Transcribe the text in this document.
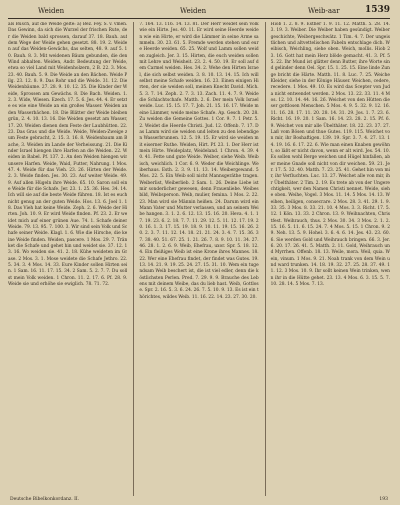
Weiden	Weiden	Weib-aar	1539
als Busch, auf die Weide gelte: a) Bez. Fey. S. v. vmen. Das Gewinn, da sich die Wurzel der frischen Rute, der die Weiden bald sprossen, darauf 37. 18. Bauh. auf dem Wege der Weide gehen gesetzt. 88. 19. 2. Weiden auf das Weiden-Gewächs, das selten, 48. 9. auf 5. 10. Bauh. 8. 3. Mit weidenen Bäum gebunden, die den Wind abhalten. Weiden, Andr. Bedeutung der Weide, etwa so viel Land mit Weidenholzern, 2 B. 22. 3. Mos. 23. 40. Bauh. 5. 9. Die Weide an den Bächen. Weide Pilg. 23. 12. 8. 9. Das Rohr und die Weide. 31. 12. Die Weidenbäume. 27. 28. 9. 10. 12. 35. Die Kinder der Weide, Sprossen am Gewächs. 8. Die Bach. Weiden. 1. 2. 3. Wide, Wiesen. Ezech. 17. 5. 6. Jes. 44. 4. Er setzte es wie eine Weide an ein großes Wasser. Weiden an den Wasserbächen. 18. Die Blätter der Weide bleiben grün, 2. 4. 10. 13. 16. Die Weiden gesetzt am Wasser, 17. 20. Weiden dienen dem Feste der Laubhütten. 22. 23. Das Gras und die Weide. Weide, Weiden-Zweige zum Feste gebracht, 2. 15. 3. 16. 8. Weidenbaum am Bache, 3. Weiden im Lande der Verheissung. 21. Die Kinder Israel hiengen ihre Harfen an die Weiden. 22. Weiden in Babel. Pf. 137. 2. An den Weiden hiengen wir unsere Harfen. Weide, Waid, Futter, Nahrung. 1 Mos. 47. 4. Weide für das Vieh. 23. 26. Hirten der Weide. 2. 3. Weide finden. Jes. 30. 23. Auf weiter Weide. 49. 9. Auf allen Hügeln ihre Weide. 65. 10. Saron soll eine Weide für die Schafe. Jer. 23. 1. 25. 36. Hes. 34. 14. Ich will sie auf die beste Weide führen. 18. Ist es euch nicht genug an der guten Weide. Hos. 13. 6. Joel 1. 18. Das Vieh hat keine Weide. Zeph. 2. 6. Weide der Hirten. Joh. 10. 9. Er wird Weide finden. Pf. 23. 2. Er weidet mich auf einer grünen Aue. 74. 1. Schafe deiner Weide. 79. 13. 95. 7. 100. 3. Wir sind sein Volk und Schafe seiner Weide. Klagl. 1. 6. Wie die Hirsche, die keine Weide finden. Weiden, pascere. 1 Mos. 29. 7. Tränket die Schafe und gehet hin und weidet sie. 37. 12. 13. 16. Wo weiden sie. 41. 2. 18. Kühe weideten im Grase. 2 Mos. 3. 1. Mose weidete die Schafe Jethro. 22. 5. 34. 3. 4 Mos. 14. 33. Eure Kinder sollen Hirten sein. 1 Sam. 16. 11. 17. 15. 34. 2 Sam. 5. 2. 7. 7. Du sollst mein Volk weiden. 1 Chron. 11. 2. 17. 6. Pf. 28. 9. Weide sie und erhöhe sie ewiglich. 78. 71. 72.
7. 164. 13. 116. 14. 13. 81. Der Herr weidet sein Volk wie ein Hirte. Jes. 40. 11. Er wird seine Heerde weiden wie ein Hirte, er wird die Lämmer in seine Arme sammeln. 30. 23. 61. 5. Fremde werden stehen und eure Heerde weiden. 65. 25. Wolf und Lamm sollen weiden zugleich. Jer. 3. 15. Hirten, die euch weiden sollen mit Lehre und Weisheit. 23. 2. 4. 50. 19. Er soll auf dem Carmel weiden. Hes. 34. 2. Wehe den Hirten Israel, die sich selbst weiden. 3. 8. 10. 13. 14. 15. Ich will selbst meine Schafe weiden. 16. 23. Einen einigen Hirten, der sie weiden soll, meinen Knecht David. Mich. 5. 3. 7. 14. Zeph. 2. 7. 3. 13. Zach. 11. 4. 7. 9. Weide die Schlachtschafe. Matth. 2. 6. Der mein Volk Israel weide. Luc. 15. 15. 17. 7. Joh. 21. 15. 16. 17. Weide meine Lämmer, weide meine Schafe. Ap. Gesch. 20. 28. Zu weiden die Gemeine Gottes. 1 Cor. 9. 7. 1 Petr. 5. 2. Weidet die Heerde Christi. Jud. 12. Offenb. 7. 17. Das Lamm wird sie weiden und leiten zu den lebendigen Wasserbrunnen. 12. 5. 19. 15. Er wird sie weiden mit eiserner Ruthe. Weiden, Hirt. Pf. 23. 1. Der Herr ist mein Hirte. Weideplatz, Weideland. 1 Chron. 4. 39. 40. 41. Fette und gute Weide. Weiber, siehe Weib. Weibisch, weichlich. 1 Cor. 6. 9. Weder die Weichlinge. Weiberhaus. Esth. 2. 3. 9. 11. 13. 14. Weibergewand. 5 Mos. 22. 5. Ein Weib soll nicht Mannsgeräthe tragen. Weiberlist, Weiberlieb. 2 Sam. 1. 26. Deine Liebe ist mir sonderlicher gewesen, denn Frauenliebe. Weibesbild, Weibsperson. Weib, mulier, femina. 1 Mos. 2. 22. 23. Man wird sie Männin heißen. 24. Darum wird ein Mann Vater und Mutter verlassen, und an seinem Weibe hangen. 3. 1. 2. 6. 12. 13. 15. 16. 20. Heva. 4. 1. 17. 19. 23. 6. 2. 18. 7. 7. 11. 29. 12. 5. 11. 12. 17. 19. 20. 16. 1. 3. 17. 15. 19. 18. 9. 10. 11. 19. 15. 16. 26. 20. 2. 3. 7. 11. 12. 14. 18. 21. 21. 24. 3. 4. 7. 15. 36. 37. 38. 40. 51. 67. 25. 1. 21. 26. 7. 8. 9. 10. 11. 34. 27. 46. 28. 1. 2. 6. 9. Weib, Ehefrau, uxor. Spr. 5. 18. 12. 4. Ein fleißiges Weib ist eine Krone ihres Mannes. 18. 22. Wer eine Ehefrau findet, der findet was Gutes. 19. 13. 14. 21. 9. 19. 25. 24. 27. 15. 31. 10. Wem ein tugendsam Weib beschert ist, die ist viel edler, denn die köstlichsten Perlen. Pred. 7. 29. 9. 9. Brauche des Lebens mit deinem Weibe, das du lieb hast. Weib, Gottlose. Spr. 2. 16. 5. 3. 6. 24. 26. 7. 5. 10. 9. 13. Es ist ein thörichtes, wildes Weib. 11. 16. 22. 14. 23. 27. 30. 20.
Hiob 1. 2. 8. 9. Esther 1. 9. 11. 12. Matth. 5. 28. 14. 3. 19. 3. Weiber. Die Weiber haben gesündigt. Weibergeschichte, Weibergeschwätz. 1 Tim. 4. 7. Der ungeistlichen und altvettelischen Fabeln entschlage dich. Weibisch, Weichling, siehe oben. Weich, mollis. Hiob 23. 16. Gott hat mein Herz blöde gemacht. 41. 3. Pf. 55. 22. Ihr Mund ist glätter denn Butter, ihre Worte sind gelinder denn Oel. Spr. 15. 1. 25. 15. Eine linde Zunge bricht die Härte. Matth. 11. 8. Luc. 7. 25. Weiche Kleider, siehe in der Könige Häuser. Weichen, cedere, recedere. 1 Mos. 49. 10. Es wird das Scepter von Juda nicht entwendet werden. 2 Mos. 13. 22. 33. 11. 4 Mos. 12. 10. 14. 44. 16. 26. Weichet von den Hütten dieser gottlosen Menschen. 5 Mos. 4. 9. 5. 32. 9. 12. 16. 11. 16. 28. 17. 11. 20. 28. 14. 31. 29. Jos. 1. 7. 23. 6. Richt. 16. 19. 20. 1 Sam. 16. 14. 23. 28. 2. 15. Pf. 6. 9. Weichet von mir alle Übelthäter. 18. 22. 23. 37. 27. Laß vom Bösen und thue Gutes. 119. 115. Weichet von mir, ihr Boshaftigen. 139. 19. Spr. 3. 7. 4. 27. 13. 14. 19. 16. 6. 17. 22. 6. Wie man einen Knaben gewöhnt, so läßt er nicht davon, wenn er alt wird. Jes. 54. 10. Es sollen wohl Berge weichen und Hügel hinfallen, aber meine Gnade soll nicht von dir weichen. 59. 21. Jer. 17. 5. 32. 40. Matth. 7. 23. 25. 41. Gehet hin von mir, ihr Verfluchten. Luc. 13. 27. Weichet alle von mir, ihr Übelthäter. 2 Tim. 2. 19. Es trete ab von der Ungerechtigkeit, wer den Namen Christi nennet. Weide, siehe oben. Weihe, Vogel. 3 Mos. 11. 14. 5 Mos. 14. 13. Weihen, heiligen, consecrare. 2 Mos. 28. 3. 41. 29. 1. 9. 33. 35. 3 Mos. 8. 33. 21. 10. 4 Mos. 3. 3. Richt. 17. 5. 12. 1 Kön. 13. 33. 2 Chron. 13. 9. Weihnachten, Christfest. Weihrauch, thus. 2 Mos. 30. 34. 3 Mos. 2. 1. 2. 15. 16. 5. 11. 6. 15. 24. 7. 4 Mos. 5. 15. 1 Chron. 9. 29. Neh. 13. 5. 9. Hohel. 3. 6. 4. 6. 14. Jes. 43. 23. 60. 6. Sie werden Gold und Weihrauch bringen. 66. 3. Jer. 6. 20. 17. 26. 41. 5. Matth. 2. 11. Gold, Weihrauch und Myrrhen. Offenb. 18. 13. Weile, mora. Weil, quia. Wein, vinum. 1 Mos. 9. 21. Noah trank von dem Wein und ward trunken. 14. 18. 19. 32. 27. 25. 28. 37. 49. 11. 12. 3 Mos. 10. 9. Ihr sollt keinen Wein trinken, wenn ihr in die Hütte gehet. 23. 13. 4 Mos. 6. 3. 15. 5. 7. 10. 28. 14. 5 Mos. 7. 13.
Deutsche Bibelkonkordanz. II.	193
